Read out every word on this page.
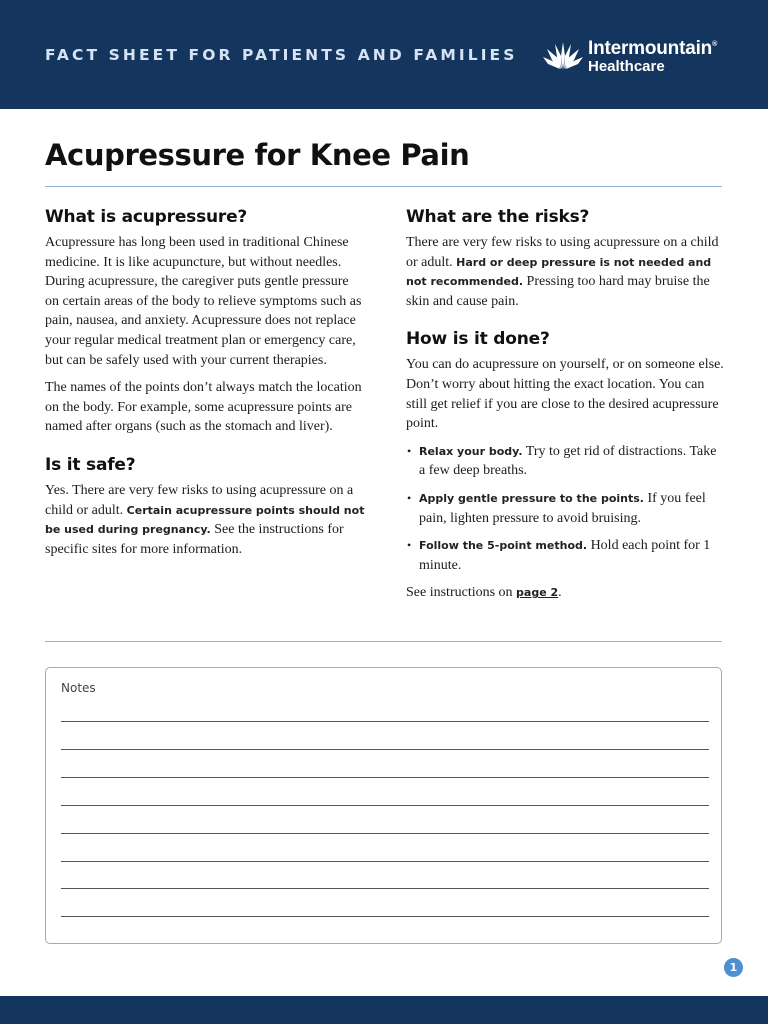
FACT SHEET FOR PATIENTS AND FAMILIES	Intermountain®
Healthcare
Acupressure for Knee Pain
What is acupressure?

Acupressure has long been used in traditional Chinese medicine. It is like acupuncture, but without needles. During acupressure, the caregiver puts gentle pressure on certain areas of the body to relieve symptoms such as pain, nausea, and anxiety. Acupressure does not replace your regular medical treatment plan or emergency care, but can be safely used with your current therapies.

The names of the points don’t always match the location on the body. For example, some acupressure points are named after organs (such as the stomach and liver).

Is it safe?

Yes. There are very few risks to using acupressure on a child or adult. Certain acupressure points should not be used during pregnancy. See the instructions for specific sites for more information.

What are the risks?

There are very few risks to using acupressure on a child or adult. Hard or deep pressure is not needed and not recommended. Pressing too hard may bruise the skin and cause pain.

How is it done?

You can do acupressure on yourself, or on someone else. Don’t worry about hitting the exact location. You can still get relief if you are close to the desired acupressure point.

• Relax your body. Try to get rid of distractions. Take a few deep breaths.
• Apply gentle pressure to the points. If you feel pain, lighten pressure to avoid bruising.
• Follow the 5-point method. Hold each point for 1 minute.

See instructions on page 2.

Notes
1
